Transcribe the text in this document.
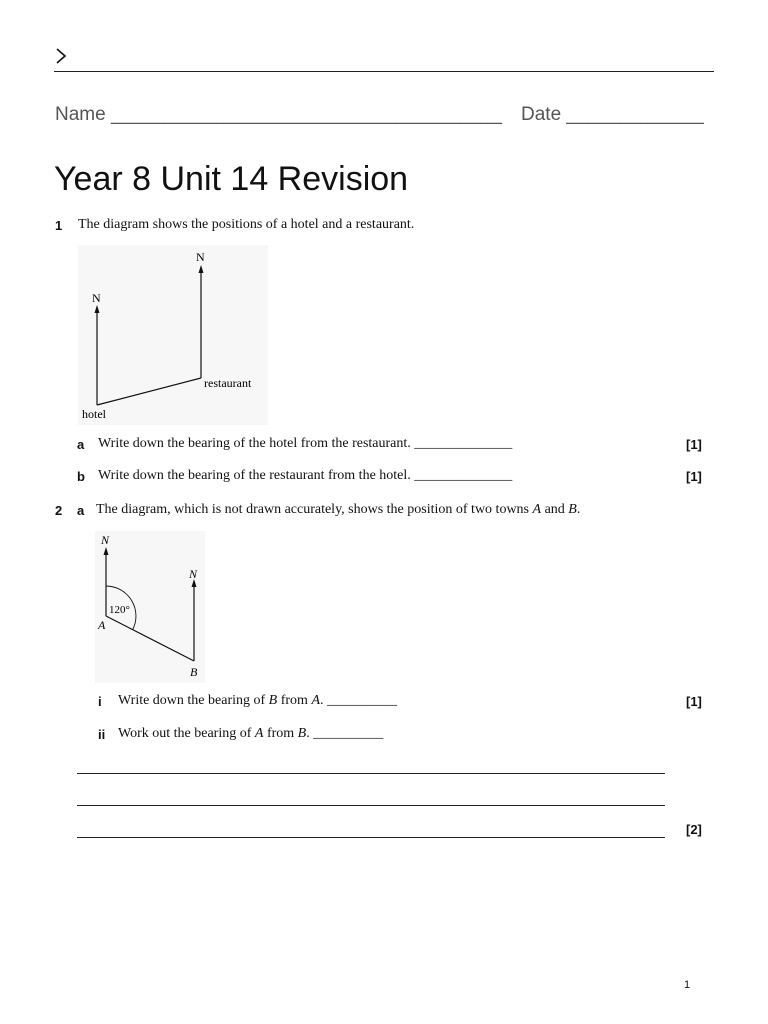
Name _____________________________________ Date _____________
Year 8 Unit 14 Revision
1 The diagram shows the positions of a hotel and a restaurant.
N
N
hotel
restaurant
a Write down the bearing of the hotel from the restaurant. ______________	[1]
b Write down the bearing of the restaurant from the hotel. ______________	[1]
2 a The diagram, which is not drawn accurately, shows the position of two towns A and B.
N
N
120°
A
B
i Write down the bearing of B from A. __________	[1]
ii Work out the bearing of A from B. __________
[2]
1
